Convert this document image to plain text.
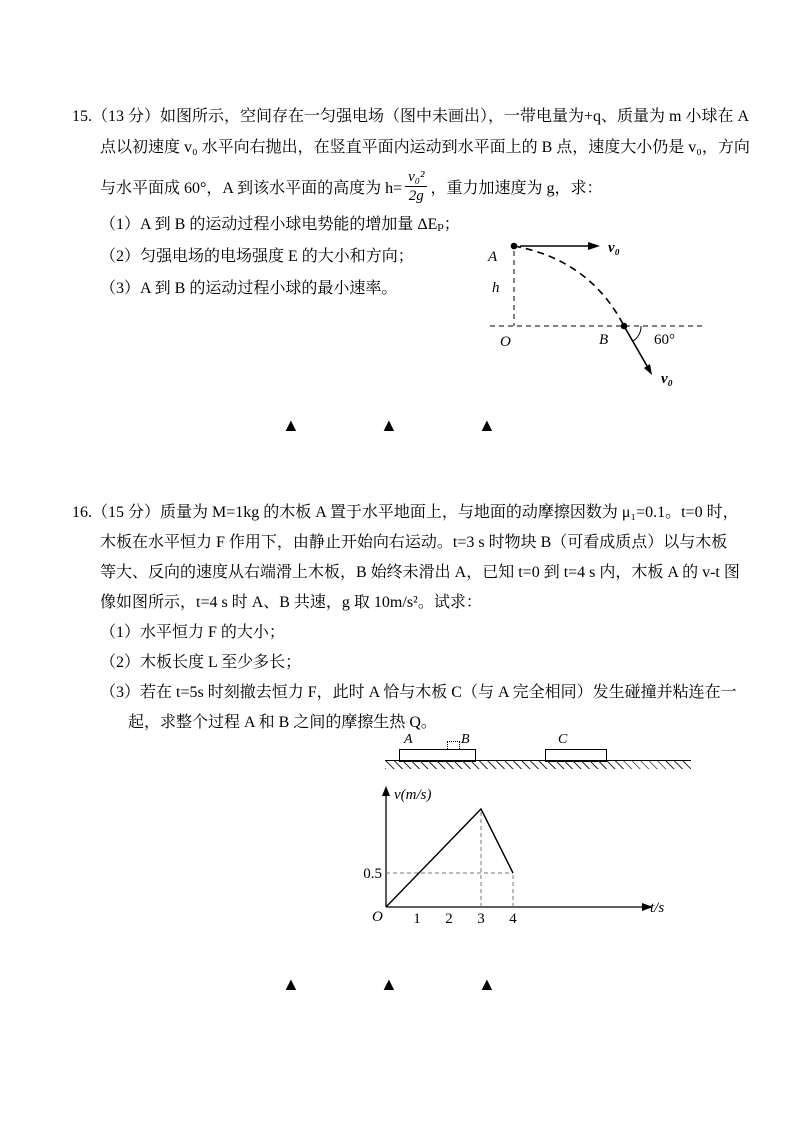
15.（13 分）如图所示，空间存在一匀强电场（图中未画出），一带电量为+q、质量为 m 小球在 A
点以初速度 v₀ 水平向右抛出，在竖直平面内运动到水平面上的 B 点，速度大小仍是 v₀，方向
与水平面成 60°，A 到该水平面的高度为 $h= \frac{\text{v₀²}}{2g}$ ，重力加速度为 g，求：
（1）A 到 B 的运动过程小球电势能的增加量 ΔEₚ；
（2）匀强电场的电场强度 E 的大小和方向；
（3）A 到 B 的运动过程小球的最小速率。
A
v₀
h
O	B	60°
v₀
▲	▲	▲
16.（15 分）质量为 M=1kg 的木板 A 置于水平地面上，与地面的动摩擦因数为 μ₁=0.1。t=0 时，
木板在水平恒力 F 作用下，由静止开始向右运动。t=3 s 时物块 B（可看成质点）以与木板
等大、反向的速度从右端滑上木板，B 始终未滑出 A，已知 t=0 到 t=4 s 内，木板 A 的 v-t 图
像如图所示，t=4 s 时 A、B 共速，g 取 10m/s²。试求：
（1）水平恒力 F 的大小；
（2）木板长度 L 至少多长；
（3）若在 t=5s 时刻撤去恒力 F，此时 A 恰与木板 C（与 A 完全相同）发生碰撞并粘连在一
起，求整个过程 A 和 B 之间的摩擦生热 Q。
A	B	C
v(m/s)
t/s
O
0.5
1 2 3 4
▲	▲	▲
